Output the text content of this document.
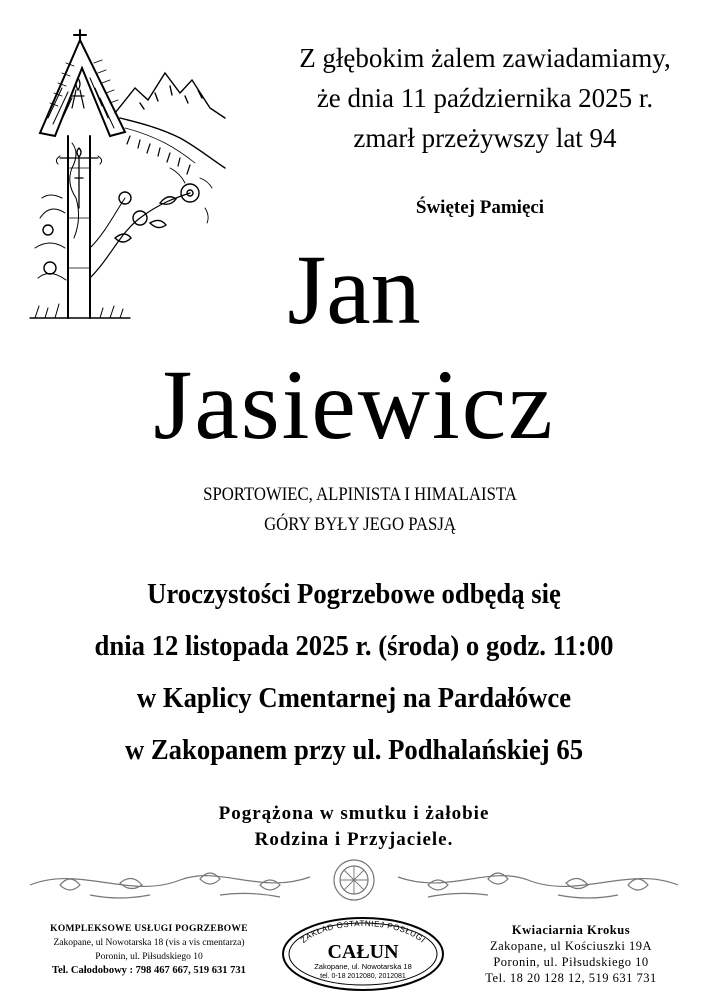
Z głębokim żalem zawiadamiamy,
że dnia 11 października 2025 r.
zmarł przeżywszy lat 94
Świętej Pamięci
Jan
Jasiewicz
SPORTOWIEC, ALPINISTA I HIMALAISTA
GÓRY BYŁY JEGO PASJĄ
Uroczystości Pogrzebowe odbędą się
dnia 12 listopada 2025 r. (środa) o godz. 11:00
w Kaplicy Cmentarnej na Pardałówce
w Zakopanem przy ul. Podhalańskiej 65
Pogrążona w smutku i żałobie
Rodzina i Przyjaciele.
KOMPLEKSOWE USŁUGI POGRZEBOWE
Zakopane, ul Nowotarska 18 (vis a vis cmentarza)
Poronin, ul. Piłsudskiego 10
Tel. Całodobowy : 798 467 667, 519 631 731
ZAKŁAD OSTATNIEJ POSŁUGI
CAŁUN
Zakopane, ul. Nowotarska 18
tel. 0-18 2012080, 2012081
Kwiaciarnia Krokus
Zakopane, ul Kościuszki 19A
Poronin, ul. Piłsudskiego 10
Tel. 18 20 128 12, 519 631 731
